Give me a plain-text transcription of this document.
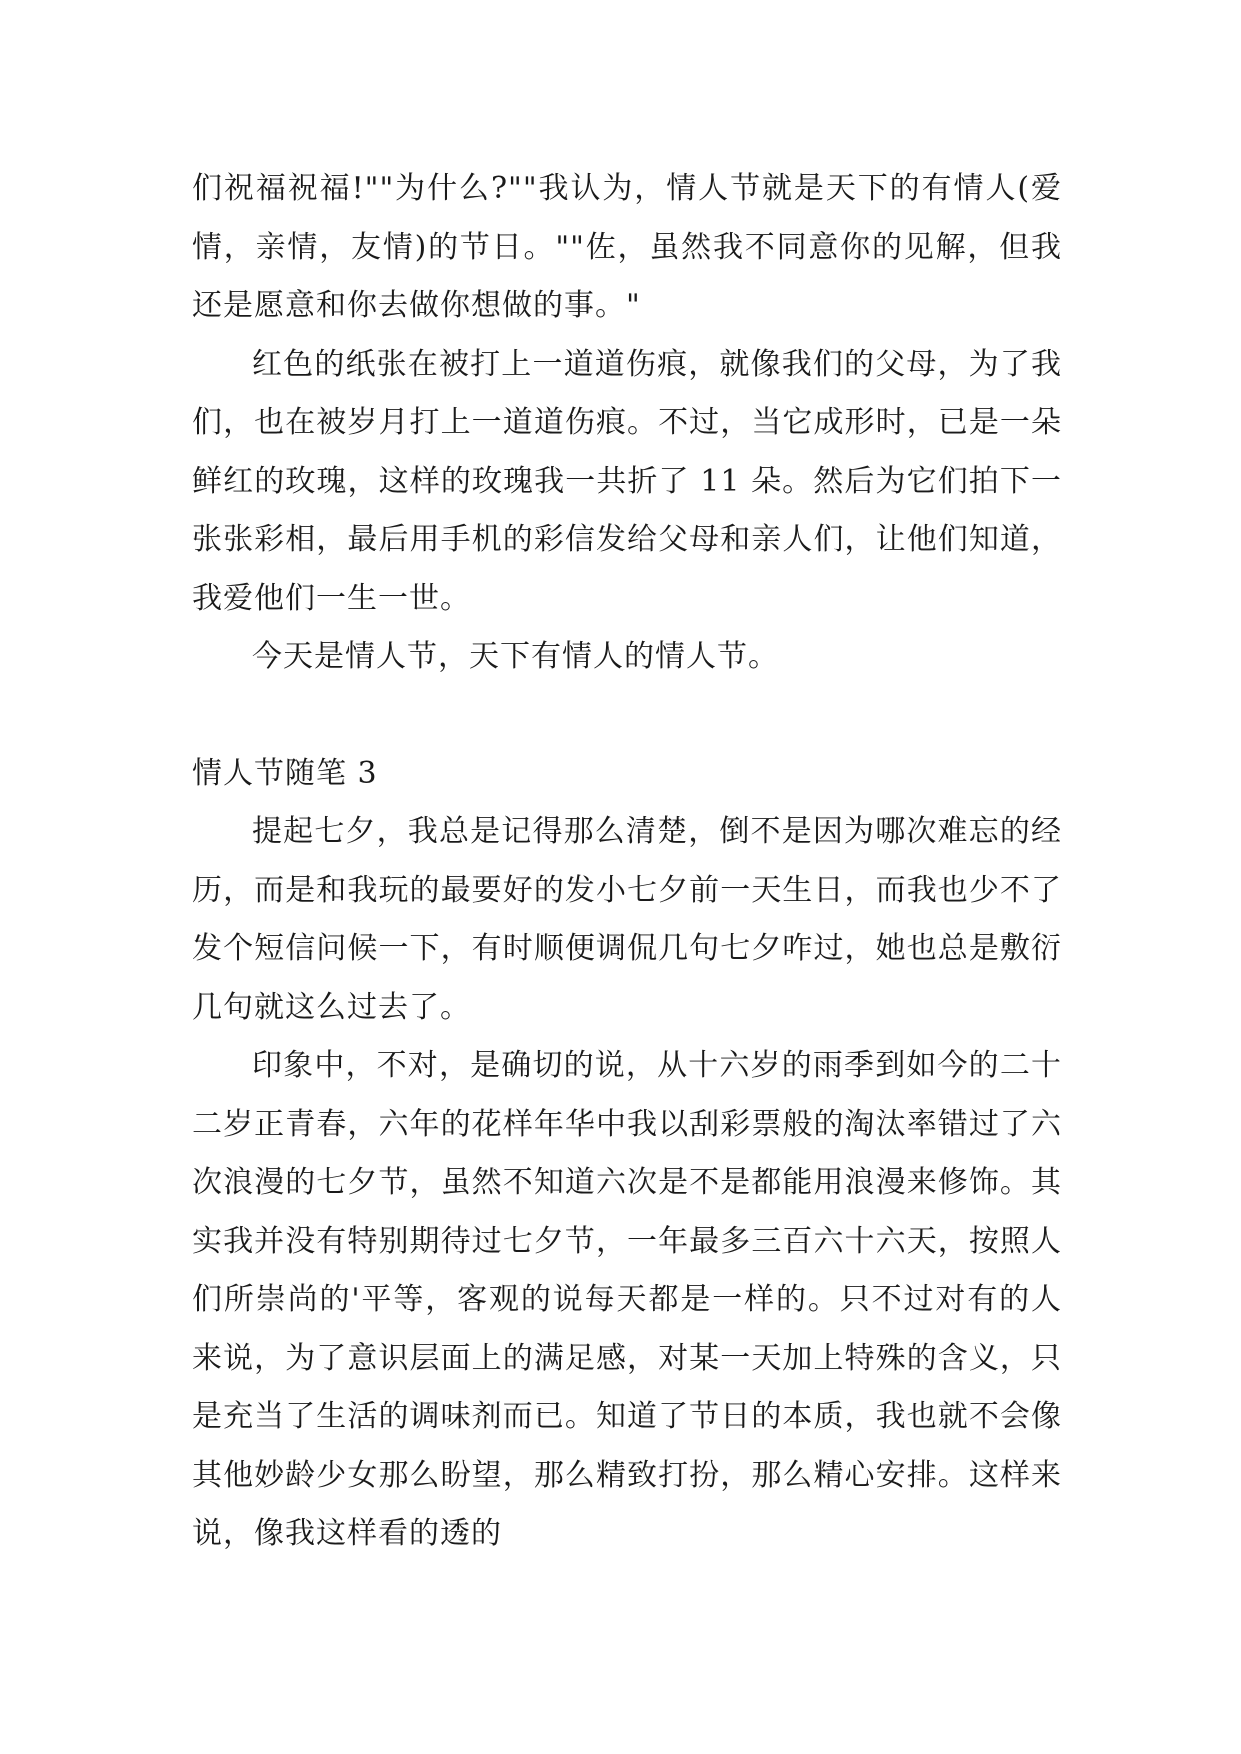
们祝福祝福!""为什么?""我认为，情人节就是天下的有情人(爱情，亲情，友情)的节日。""佐，虽然我不同意你的见解，但我还是愿意和你去做你想做的事。"

红色的纸张在被打上一道道伤痕，就像我们的父母，为了我们，也在被岁月打上一道道伤痕。不过，当它成形时，已是一朵鲜红的玫瑰，这样的玫瑰我一共折了 11 朵。然后为它们拍下一张张彩相，最后用手机的彩信发给父母和亲人们，让他们知道，我爱他们一生一世。

今天是情人节，天下有情人的情人节。

情人节随笔 3

提起七夕，我总是记得那么清楚，倒不是因为哪次难忘的经历，而是和我玩的最要好的发小七夕前一天生日，而我也少不了发个短信问候一下，有时顺便调侃几句七夕咋过，她也总是敷衍几句就这么过去了。

印象中，不对，是确切的说，从十六岁的雨季到如今的二十二岁正青春，六年的花样年华中我以刮彩票般的淘汰率错过了六次浪漫的七夕节，虽然不知道六次是不是都能用浪漫来修饰。其实我并没有特别期待过七夕节，一年最多三百六十六天，按照人们所崇尚的'平等，客观的说每天都是一样的。只不过对有的人来说，为了意识层面上的满足感，对某一天加上特殊的含义，只是充当了生活的调味剂而已。知道了节日的本质，我也就不会像其他妙龄少女那么盼望，那么精致打扮，那么精心安排。这样来说，像我这样看的透的
